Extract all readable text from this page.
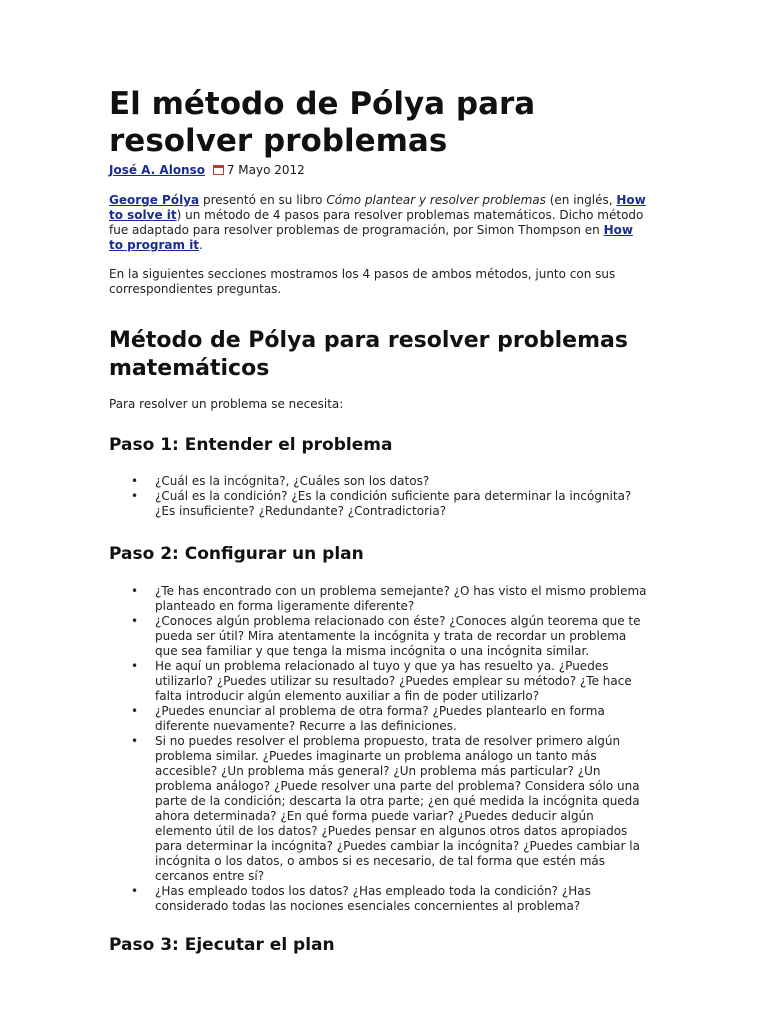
El método de Pólya para resolver problemas
José A. Alonso 7 Mayo 2012

George Pólya presentó en su libro Cómo plantear y resolver problemas (en inglés, How to solve it) un método de 4 pasos para resolver problemas matemáticos. Dicho método fue adaptado para resolver problemas de programación, por Simon Thompson en How to program it.

En la siguientes secciones mostramos los 4 pasos de ambos métodos, junto con sus correspondientes preguntas.

Método de Pólya para resolver problemas matemáticos

Para resolver un problema se necesita:

Paso 1: Entender el problema
• ¿Cuál es la incógnita?, ¿Cuáles son los datos?
• ¿Cuál es la condición? ¿Es la condición suficiente para determinar la incógnita? ¿Es insuficiente? ¿Redundante? ¿Contradictoria?
Paso 2: Configurar un plan
• ¿Te has encontrado con un problema semejante? ¿O has visto el mismo problema planteado en forma ligeramente diferente?
• ¿Conoces algún problema relacionado con éste? ¿Conoces algún teorema que te pueda ser útil? Mira atentamente la incógnita y trata de recordar un problema que sea familiar y que tenga la misma incógnita o una incógnita similar.
• He aquí un problema relacionado al tuyo y que ya has resuelto ya. ¿Puedes utilizarlo? ¿Puedes utilizar su resultado? ¿Puedes emplear su método? ¿Te hace falta introducir algún elemento auxiliar a fin de poder utilizarlo?
• ¿Puedes enunciar al problema de otra forma? ¿Puedes plantearlo en forma diferente nuevamente? Recurre a las definiciones.
• Si no puedes resolver el problema propuesto, trata de resolver primero algún problema similar. ¿Puedes imaginarte un problema análogo un tanto más accesible? ¿Un problema más general? ¿Un problema más particular? ¿Un problema análogo? ¿Puede resolver una parte del problema? Considera sólo una parte de la condición; descarta la otra parte; ¿en qué medida la incógnita queda ahora determinada? ¿En qué forma puede variar? ¿Puedes deducir algún elemento útil de los datos? ¿Puedes pensar en algunos otros datos apropiados para determinar la incógnita? ¿Puedes cambiar la incógnita? ¿Puedes cambiar la incógnita o los datos, o ambos si es necesario, de tal forma que estén más cercanos entre sí?
• ¿Has empleado todos los datos? ¿Has empleado toda la condición? ¿Has considerado todas las nociones esenciales concernientes al problema?
Paso 3: Ejecutar el plan
